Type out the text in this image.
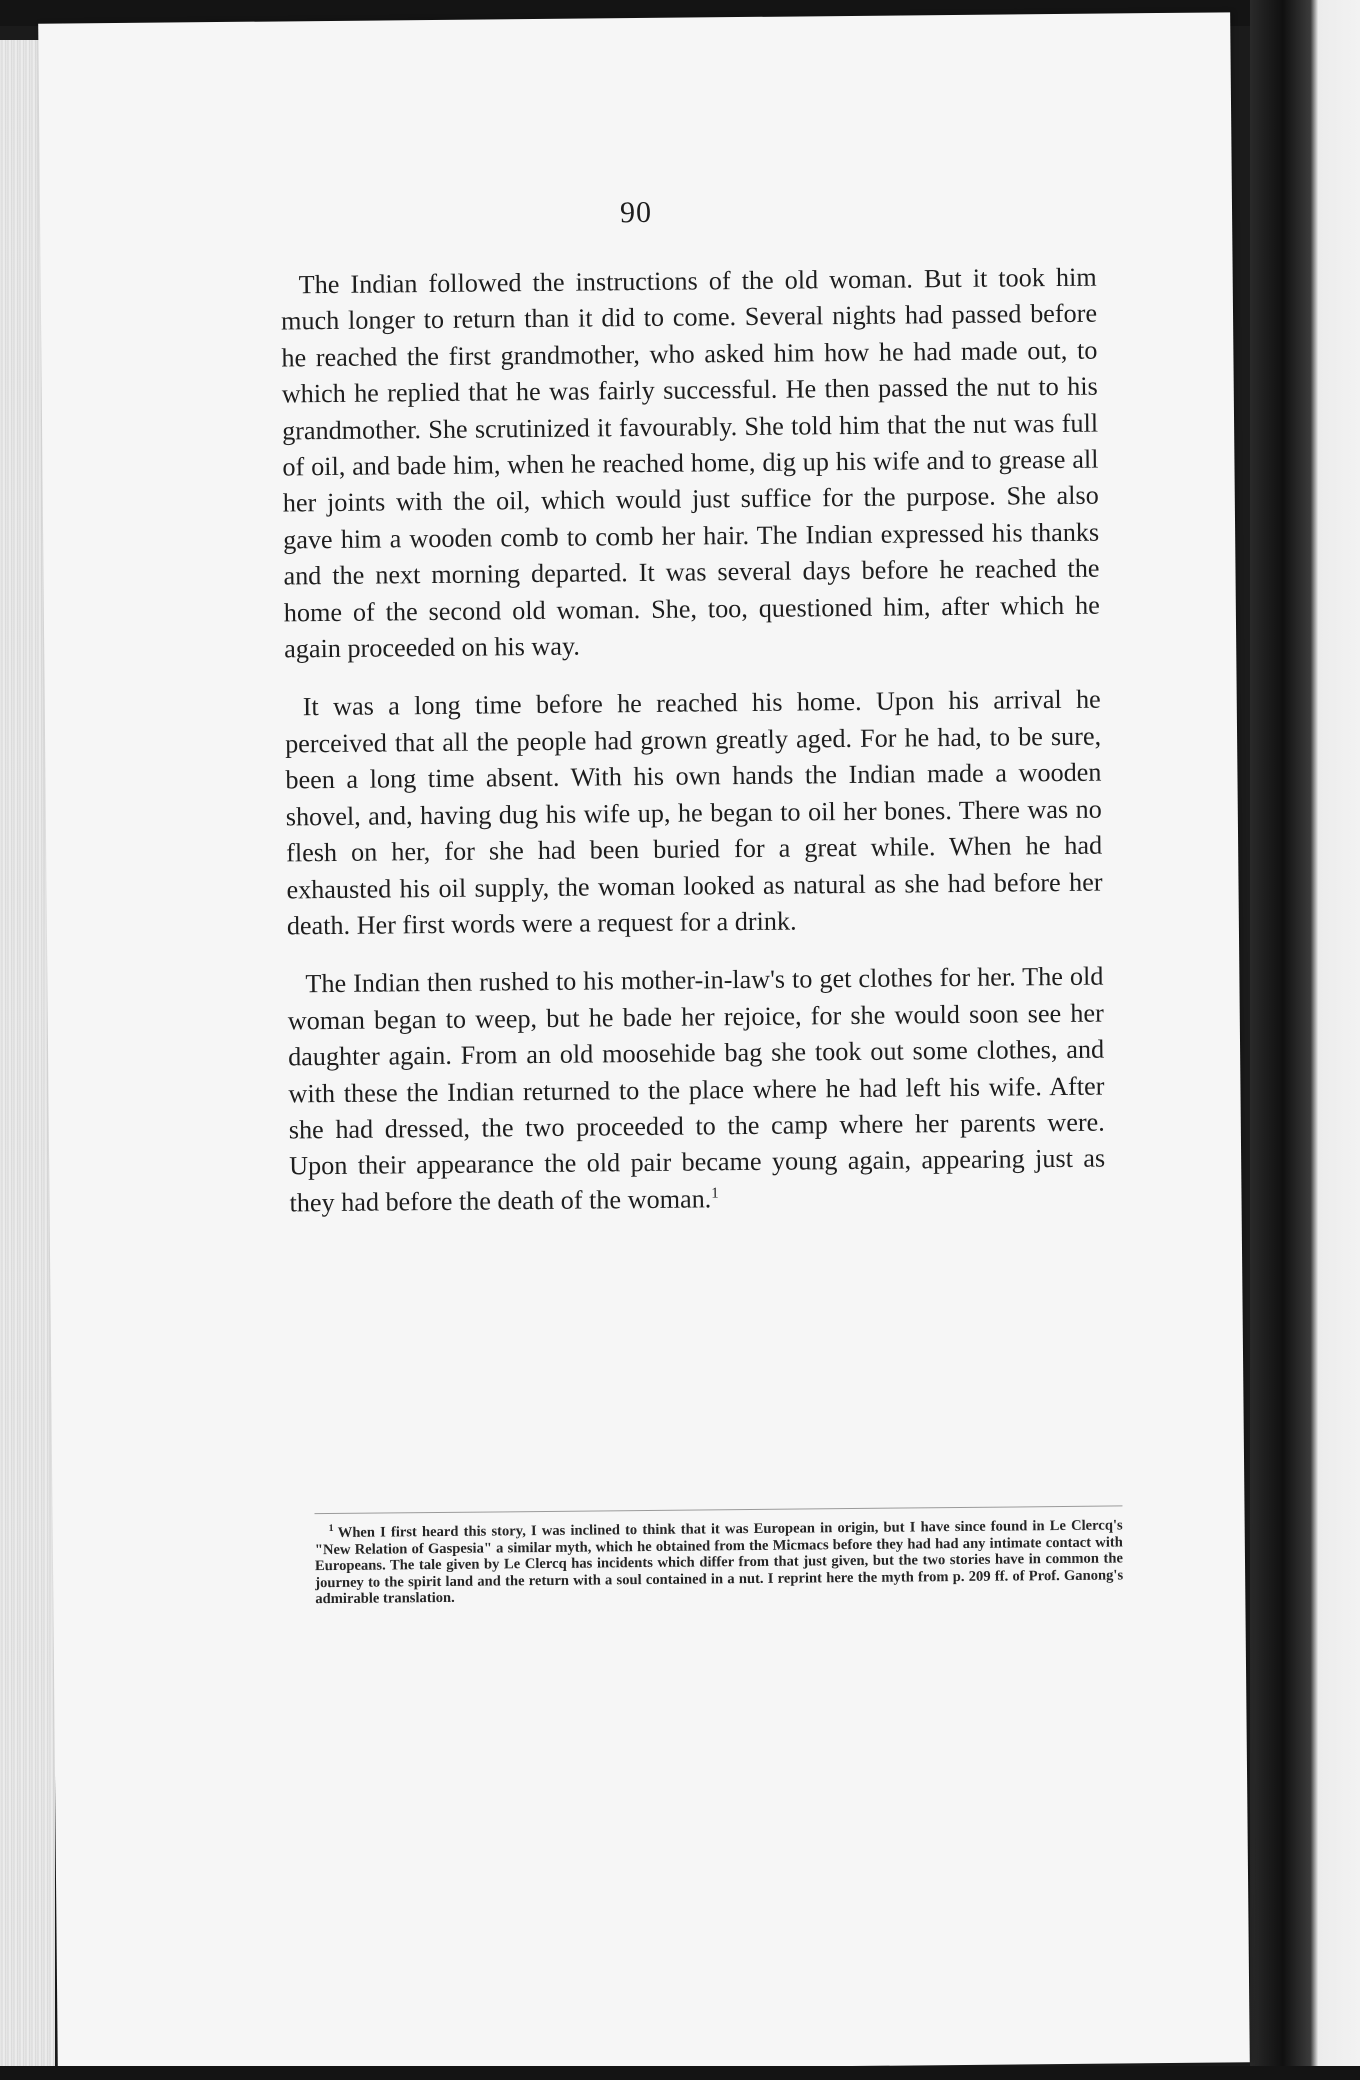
90

The Indian followed the instructions of the old woman. But it took him much longer to return than it did to come. Several nights had passed before he reached the first grandmother, who asked him how he had made out, to which he replied that he was fairly successful. He then passed the nut to his grandmother. She scrutinized it favourably. She told him that the nut was full of oil, and bade him, when he reached home, dig up his wife and to grease all her joints with the oil, which would just suffice for the purpose. She also gave him a wooden comb to comb her hair. The Indian expressed his thanks and the next morning departed. It was several days before he reached the home of the second old woman. She, too, questioned him, after which he again proceeded on his way.

It was a long time before he reached his home. Upon his arrival he perceived that all the people had grown greatly aged. For he had, to be sure, been a long time absent. With his own hands the Indian made a wooden shovel, and, having dug his wife up, he began to oil her bones. There was no flesh on her, for she had been buried for a great while. When he had exhausted his oil supply, the woman looked as natural as she had before her death. Her first words were a request for a drink.

The Indian then rushed to his mother-in-law's to get clothes for her. The old woman began to weep, but he bade her rejoice, for she would soon see her daughter again. From an old moosehide bag she took out some clothes, and with these the Indian returned to the place where he had left his wife. After she had dressed, the two proceeded to the camp where her parents were. Upon their appearance the old pair became young again, appearing just as they had before the death of the woman.$^1$

$^1$ When I first heard this story, I was inclined to think that it was European in origin, but I have since found in Le Clercq's "New Relation of Gaspesia" a similar myth, which he obtained from the Micmacs before they had had any intimate contact with Europeans. The tale given by Le Clercq has incidents which differ from that just given, but the two stories have in common the journey to the spirit land and the return with a soul contained in a nut. I reprint here the myth from p. 209 ff. of Prof. Ganong's admirable translation.
